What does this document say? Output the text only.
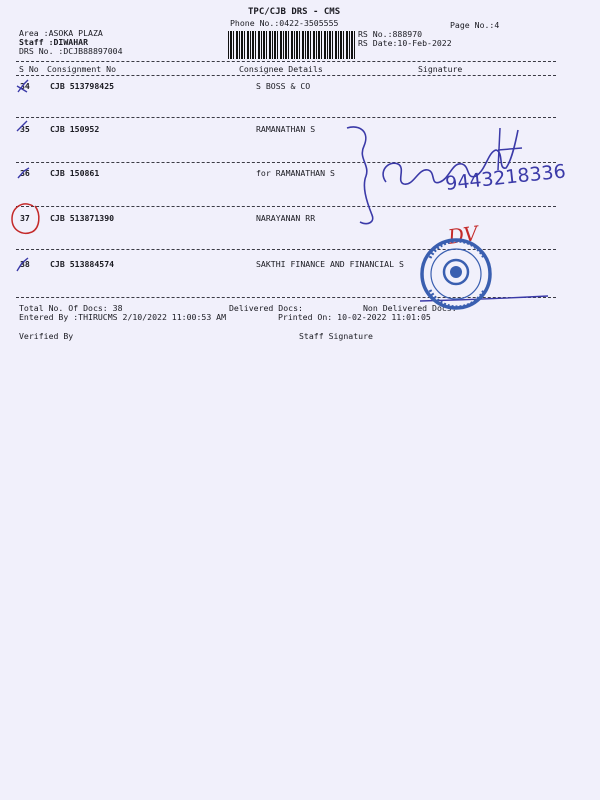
TPC/CJB DRS - CMS
Phone No.:0422-3505555	Page No.:4
Area :ASOKA PLAZA
Staff :DIWAHAR
DRS No. :DCJB88897004
RS No.:888970
RS Date:10-Feb-2022
S No Consignment No	Consignee Details	Signature
34 CJB 513798425	S BOSS & CO
35 CJB 150952	RAMANATHAN S
36 CJB 150861	for RAMANATHAN S
37 CJB 513871390	NARAYANAN RR
38 CJB 513884574	SAKTHI FINANCE AND FINANCIAL S
Total No. Of Docs: 38	Delivered Docs:	Non Delivered Docs:
Entered By :THIRUCMS 2/10/2022 11:00:53 AM	Printed On: 10-02-2022 11:01:05
Verified By	Staff Signature
9443218336
DV
